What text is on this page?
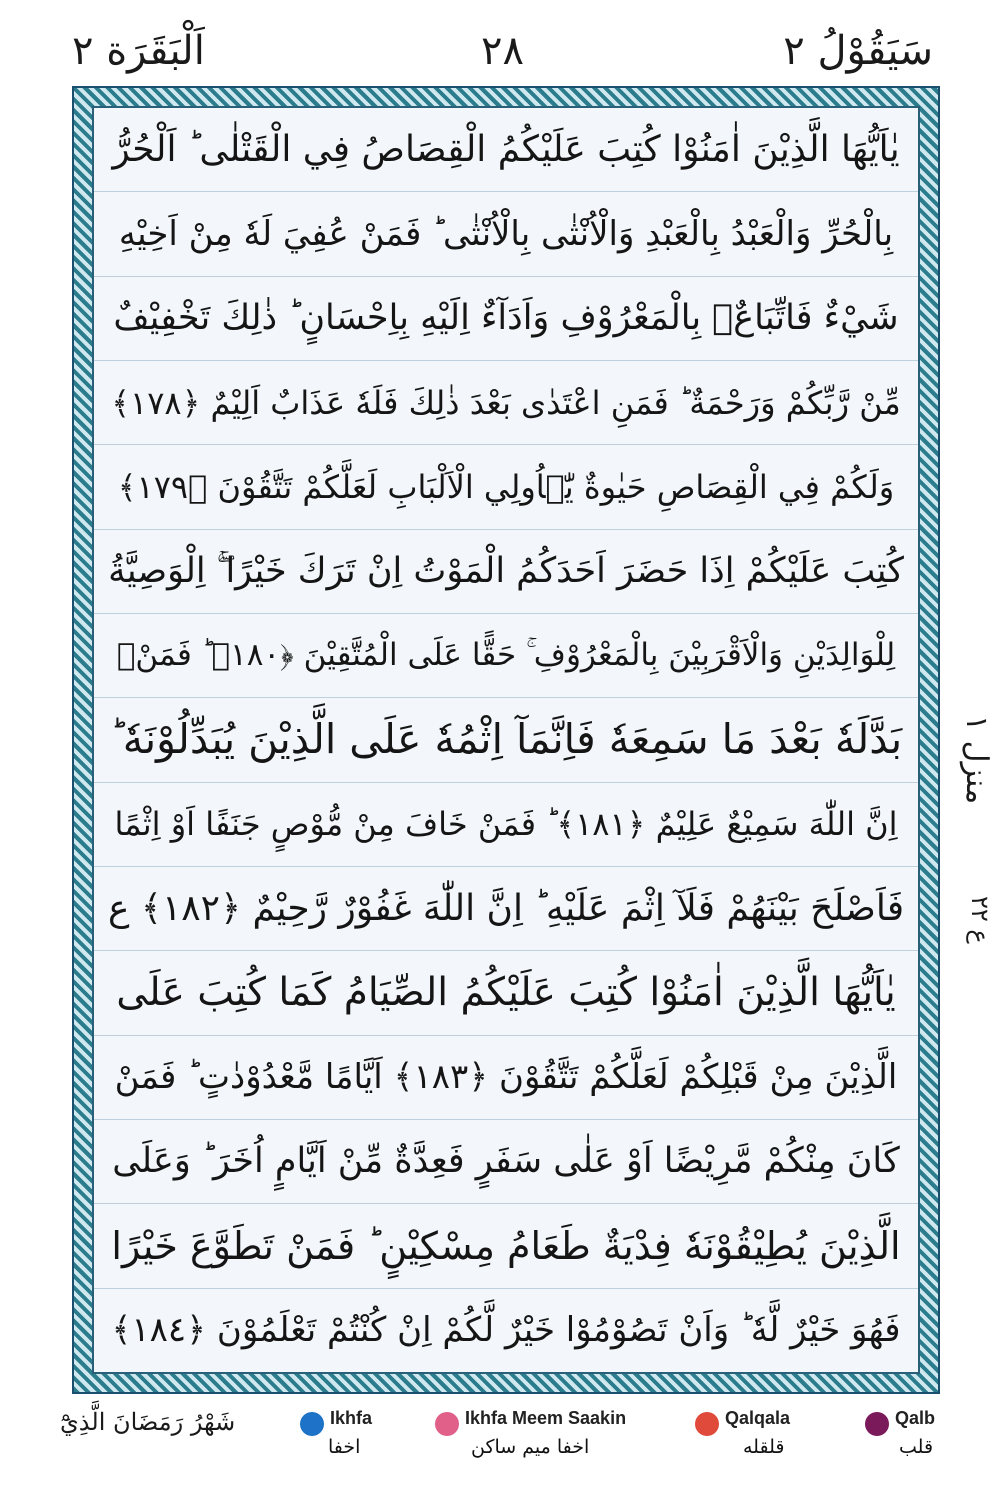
اَلْبَقَرَة ٢	٢٨	سَيَقُوْلُ ٢
يٰاَيُّهَا الَّذِيْنَ اٰمَنُوْا كُتِبَ عَلَيْكُمُ الْقِصَاصُ فِي الْقَتْلٰى ؕ اَلْحُرُّ
بِالْحُرِّ وَالْعَبْدُ بِالْعَبْدِ وَالْاُنْثٰى بِالْاُنْثٰى ؕ فَمَنْ عُفِيَ لَهٗ مِنْ اَخِيْهِ
شَيْءٌ فَاتِّبَاعٌۢ بِالْمَعْرُوْفِ وَاَدَآءٌ اِلَيْهِ بِاِحْسَانٍ ؕ ذٰلِكَ تَخْفِيْفٌ
مِّنْ رَّبِّكُمْ وَرَحْمَةٌ ؕ فَمَنِ اعْتَدٰى بَعْدَ ذٰلِكَ فَلَهٗ عَذَابٌ اَلِيْمٌ ﴿١٧٨﴾
وَلَكُمْ فِي الْقِصَاصِ حَيٰوةٌ يّٰۤاُولِي الْاَلْبَابِ لَعَلَّكُمْ تَتَّقُوْنَ ﴿١٧٩﴾
كُتِبَ عَلَيْكُمْ اِذَا حَضَرَ اَحَدَكُمُ الْمَوْتُ اِنْ تَرَكَ خَيْرًا ۖۚ اِلْوَصِيَّةُ
لِلْوَالِدَيْنِ وَالْاَقْرَبِيْنَ بِالْمَعْرُوْفِ ۚ حَقًّا عَلَى الْمُتَّقِيْنَ ﴿١٨٠﴾ ؕ فَمَنْۢ
بَدَّلَهٗ بَعْدَ مَا سَمِعَهٗ فَاِنَّمَآ اِثْمُهٗ عَلَى الَّذِيْنَ يُبَدِّلُوْنَهٗ ؕ
اِنَّ اللّٰهَ سَمِيْعٌ عَلِيْمٌ ﴿١٨١﴾ ؕ فَمَنْ خَافَ مِنْ مُّوْصٍ جَنَفًا اَوْ اِثْمًا
فَاَصْلَحَ بَيْنَهُمْ فَلَآ اِثْمَ عَلَيْهِ ؕ اِنَّ اللّٰهَ غَفُوْرٌ رَّحِيْمٌ ﴿١٨٢﴾ ع
يٰاَيُّهَا الَّذِيْنَ اٰمَنُوْا كُتِبَ عَلَيْكُمُ الصِّيَامُ كَمَا كُتِبَ عَلَى
الَّذِيْنَ مِنْ قَبْلِكُمْ لَعَلَّكُمْ تَتَّقُوْنَ ﴿١٨٣﴾ اَيَّامًا مَّعْدُوْدٰتٍ ؕ فَمَنْ
كَانَ مِنْكُمْ مَّرِيْضًا اَوْ عَلٰى سَفَرٍ فَعِدَّةٌ مِّنْ اَيَّامٍ اُخَرَ ؕ وَعَلَى
الَّذِيْنَ يُطِيْقُوْنَهٗ فِدْيَةٌ طَعَامُ مِسْكِيْنٍ ؕ فَمَنْ تَطَوَّعَ خَيْرًا
فَهُوَ خَيْرٌ لَّهٗ ؕ وَاَنْ تَصُوْمُوْا خَيْرٌ لَّكُمْ اِنْ كُنْتُمْ تَعْلَمُوْنَ ﴿١٨٤﴾
منزل ١
ع ٢٢
شَهْرُ رَمَضَانَ الَّذِيْٓ	Ikhfa
اخفا
Ikhfa Meem Saakin
اخفا میم ساکن
Qalqala
قلقله
Qalb
قلب
